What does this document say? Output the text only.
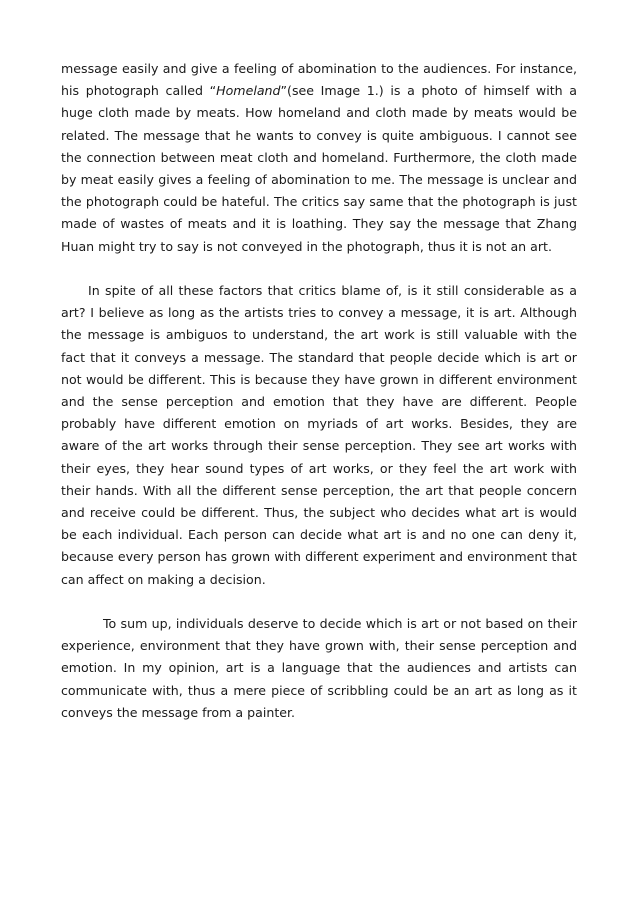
message easily and give a feeling of abomination to the audiences. For instance, his photograph called “Homeland”(see Image 1.) is a photo of himself with a huge cloth made by meats. How homeland and cloth made by meats would be related. The message that he wants to convey is quite ambiguous. I cannot see the connection between meat cloth and homeland. Furthermore, the cloth made by meat easily gives a feeling of abomination to me. The message is unclear and the photograph could be hateful. The critics say same that the photograph is just made of wastes of meats and it is loathing. They say the message that Zhang Huan might try to say is not conveyed in the photograph, thus it is not an art.

In spite of all these factors that critics blame of, is it still considerable as a art? I believe as long as the artists tries to convey a message, it is art. Although the message is ambiguos to understand, the art work is still valuable with the fact that it conveys a message. The standard that people decide which is art or not would be different. This is because they have grown in different environment and the sense perception and emotion that they have are different. People probably have different emotion on myriads of art works. Besides, they are aware of the art works through their sense perception. They see art works with their eyes, they hear sound types of art works, or they feel the art work with their hands. With all the different sense perception, the art that people concern and receive could be different. Thus, the subject who decides what art is would be each individual. Each person can decide what art is and no one can deny it, because every person has grown with different experiment and environment that can affect on making a decision.

To sum up, individuals deserve to decide which is art or not based on their experience, environment that they have grown with, their sense perception and emotion. In my opinion, art is a language that the audiences and artists can communicate with, thus a mere piece of scribbling could be an art as long as it conveys the message from a painter.
